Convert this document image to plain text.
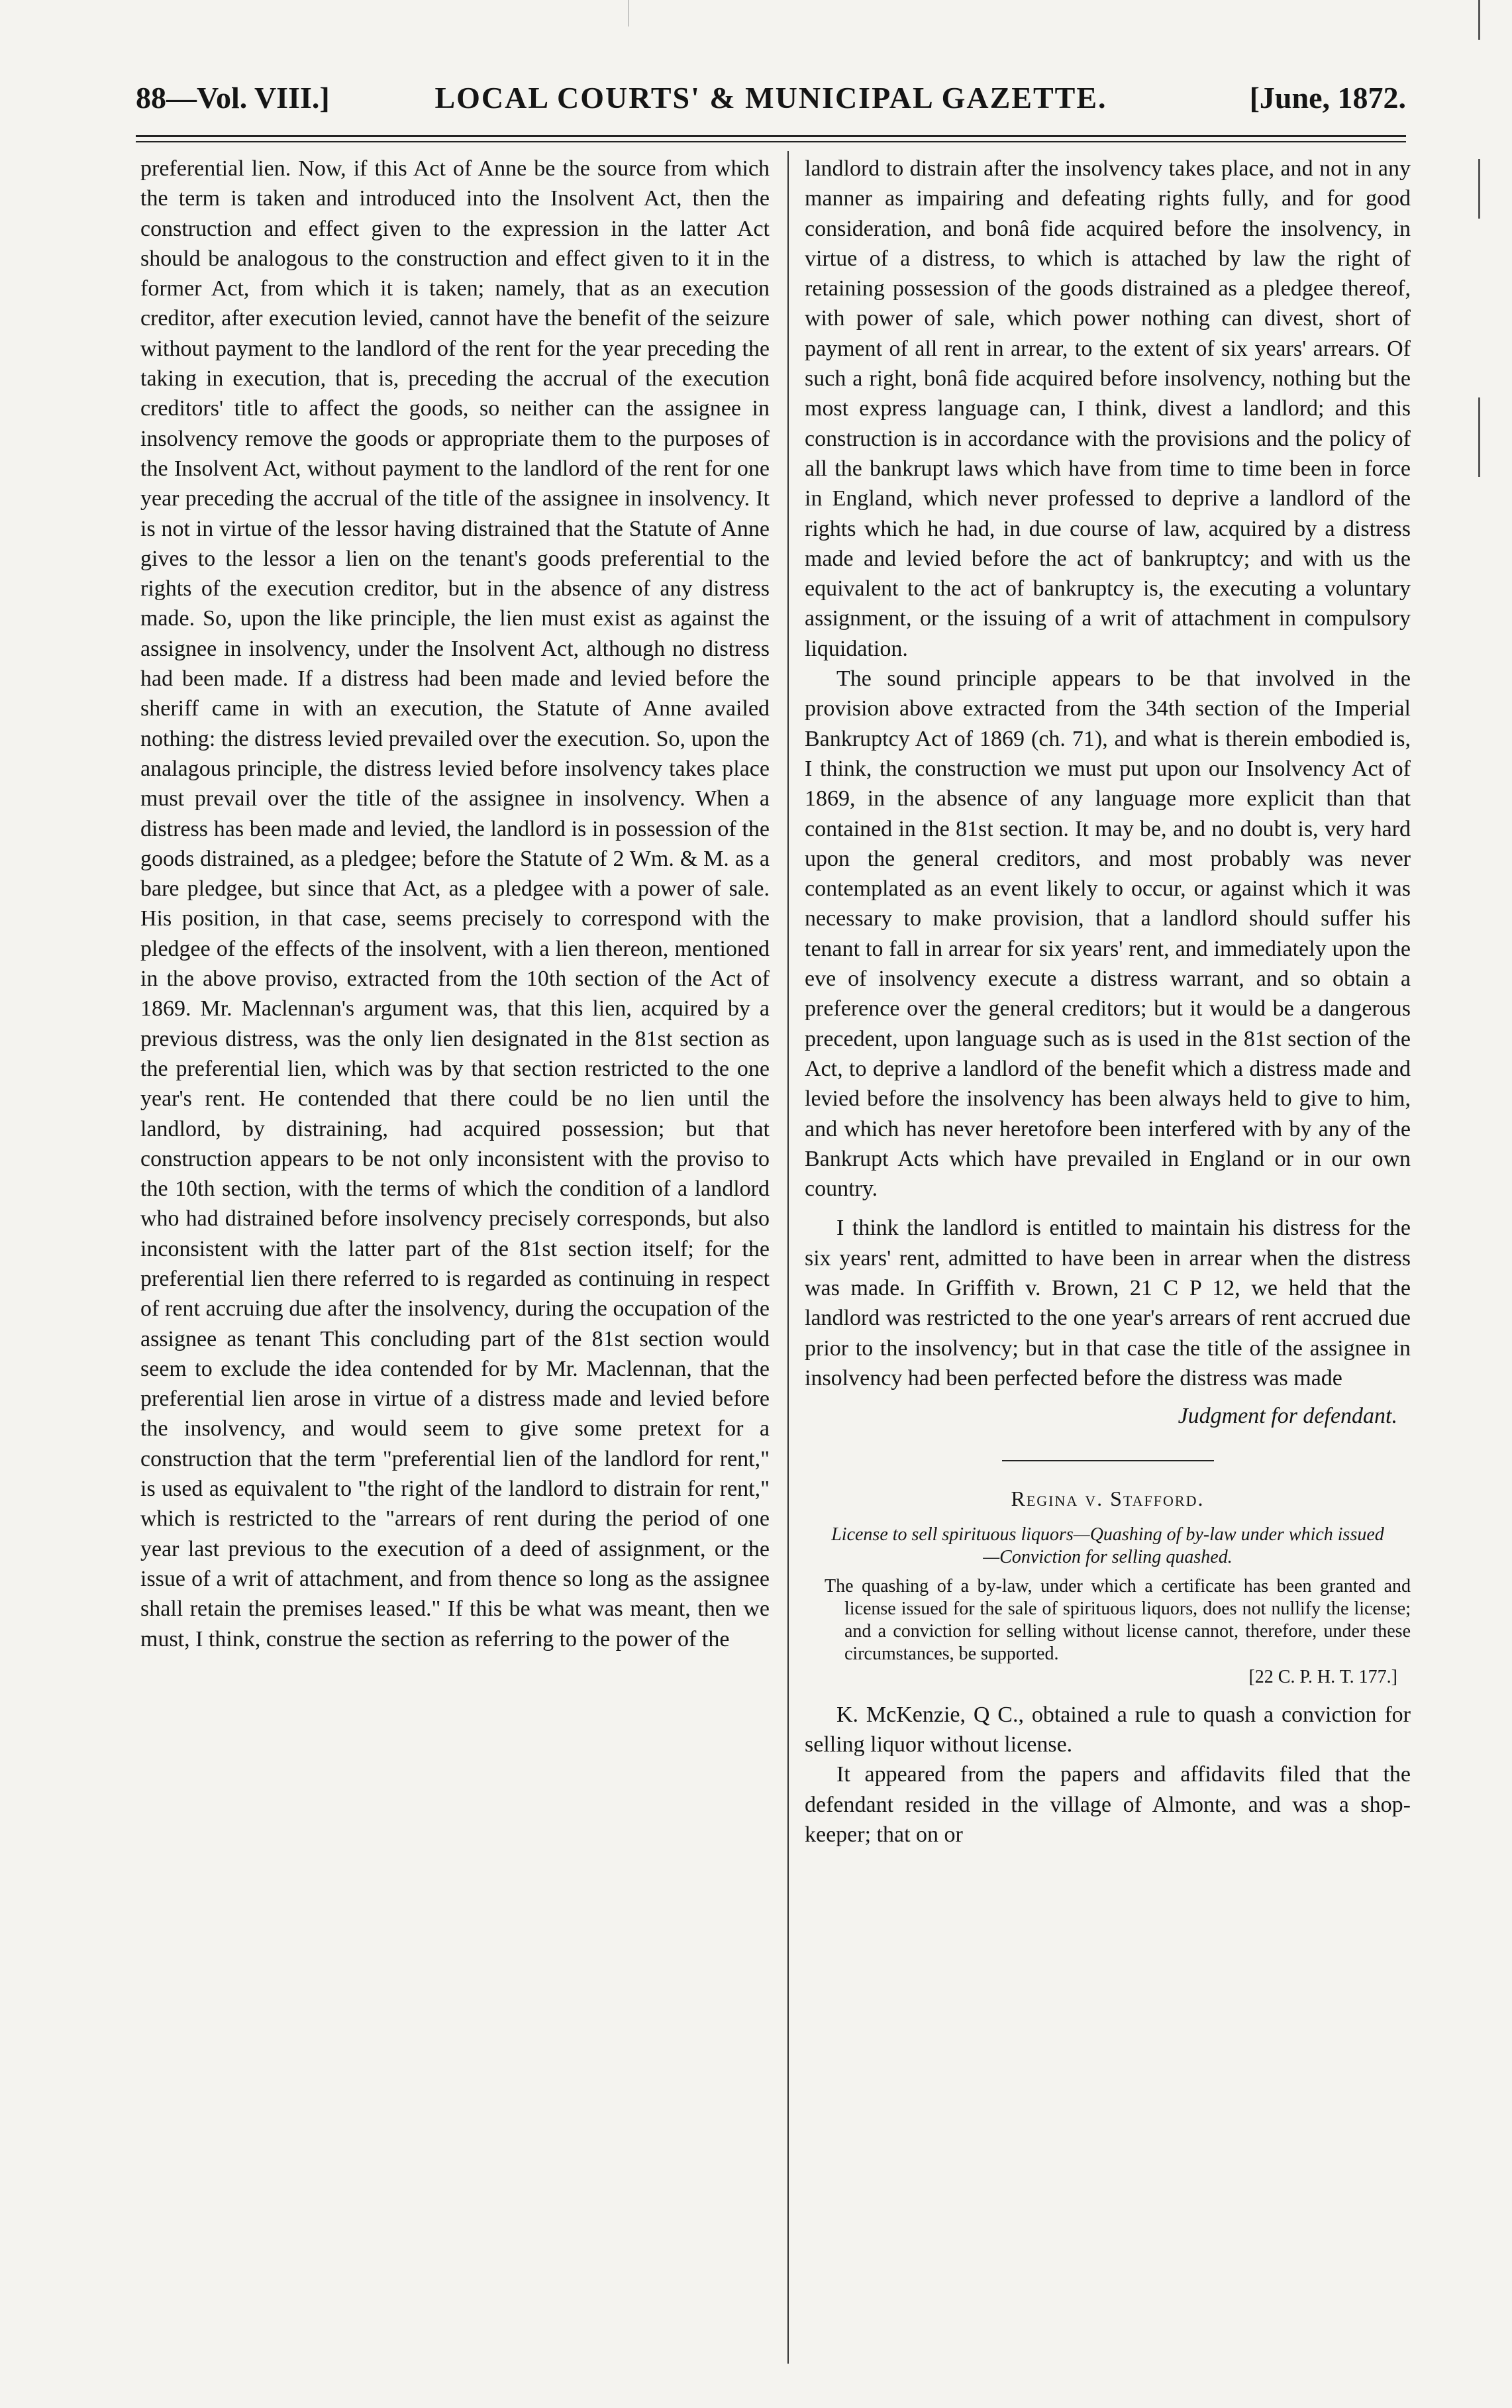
88—Vol. VIII.]	LOCAL COURTS' & MUNICIPAL GAZETTE.	[June, 1872.

preferential lien. Now, if this Act of Anne be the source from which the term is taken and introduced into the Insolvent Act, then the construction and effect given to the expression in the latter Act should be analogous to the construction and effect given to it in the former Act, from which it is taken; namely, that as an execution creditor, after execution levied, cannot have the benefit of the seizure without payment to the landlord of the rent for the year preceding the taking in execution, that is, preceding the accrual of the execution creditors' title to affect the goods, so neither can the assignee in insolvency remove the goods or appropriate them to the purposes of the Insolvent Act, without payment to the landlord of the rent for one year preceding the accrual of the title of the assignee in insolvency. It is not in virtue of the lessor having distrained that the Statute of Anne gives to the lessor a lien on the tenant's goods preferential to the rights of the execution creditor, but in the absence of any distress made. So, upon the like principle, the lien must exist as against the assignee in insolvency, under the Insolvent Act, although no distress had been made. If a distress had been made and levied before the sheriff came in with an execution, the Statute of Anne availed nothing: the distress levied prevailed over the execution. So, upon the analagous principle, the distress levied before insolvency takes place must prevail over the title of the assignee in insolvency. When a distress has been made and levied, the landlord is in possession of the goods distrained, as a pledgee; before the Statute of 2 Wm. & M. as a bare pledgee, but since that Act, as a pledgee with a power of sale. His position, in that case, seems precisely to correspond with the pledgee of the effects of the insolvent, with a lien thereon, mentioned in the above proviso, extracted from the 10th section of the Act of 1869. Mr. Maclennan's argument was, that this lien, acquired by a previous distress, was the only lien designated in the 81st section as the preferential lien, which was by that section restricted to the one year's rent. He contended that there could be no lien until the landlord, by distraining, had acquired possession; but that construction appears to be not only inconsistent with the proviso to the 10th section, with the terms of which the condition of a landlord who had distrained before insolvency precisely corresponds, but also inconsistent with the latter part of the 81st section itself; for the preferential lien there referred to is regarded as continuing in respect of rent accruing due after the insolvency, during the occupation of the assignee as tenant This concluding part of the 81st section would seem to exclude the idea contended for by Mr. Maclennan, that the preferential lien arose in virtue of a distress made and levied before the insolvency, and would seem to give some pretext for a construction that the term "preferential lien of the landlord for rent," is used as equivalent to "the right of the landlord to distrain for rent," which is restricted to the "arrears of rent during the period of one year last previous to the execution of a deed of assignment, or the issue of a writ of attachment, and from thence so long as the assignee shall retain the premises leased." If this be what was meant, then we must, I think, construe the section as referring to the power of the

landlord to distrain after the insolvency takes place, and not in any manner as impairing and defeating rights fully, and for good consideration, and bonâ fide acquired before the insolvency, in virtue of a distress, to which is attached by law the right of retaining possession of the goods distrained as a pledgee thereof, with power of sale, which power nothing can divest, short of payment of all rent in arrear, to the extent of six years' arrears. Of such a right, bonâ fide acquired before insolvency, nothing but the most express language can, I think, divest a landlord; and this construction is in accordance with the provisions and the policy of all the bankrupt laws which have from time to time been in force in England, which never professed to deprive a landlord of the rights which he had, in due course of law, acquired by a distress made and levied before the act of bankruptcy; and with us the equivalent to the act of bankruptcy is, the executing a voluntary assignment, or the issuing of a writ of attachment in compulsory liquidation.

The sound principle appears to be that involved in the provision above extracted from the 34th section of the Imperial Bankruptcy Act of 1869 (ch. 71), and what is therein embodied is, I think, the construction we must put upon our Insolvency Act of 1869, in the absence of any language more explicit than that contained in the 81st section. It may be, and no doubt is, very hard upon the general creditors, and most probably was never contemplated as an event likely to occur, or against which it was necessary to make provision, that a landlord should suffer his tenant to fall in arrear for six years' rent, and immediately upon the eve of insolvency execute a distress warrant, and so obtain a preference over the general creditors; but it would be a dangerous precedent, upon language such as is used in the 81st section of the Act, to deprive a landlord of the benefit which a distress made and levied before the insolvency has been always held to give to him, and which has never heretofore been interfered with by any of the Bankrupt Acts which have prevailed in England or in our own country.

I think the landlord is entitled to maintain his distress for the six years' rent, admitted to have been in arrear when the distress was made. In Griffith v. Brown, 21 C P 12, we held that the landlord was restricted to the one year's arrears of rent accrued due prior to the insolvency; but in that case the title of the assignee in insolvency had been perfected before the distress was made

Judgment for defendant.

Regina v. Stafford.

License to sell spirituous liquors—Quashing of by-law under which issued—Conviction for selling quashed.

The quashing of a by-law, under which a certificate has been granted and license issued for the sale of spirituous liquors, does not nullify the license; and a conviction for selling without license cannot, therefore, under these circumstances, be supported.

[22 C. P. H. T. 177.]

K. McKenzie, Q C., obtained a rule to quash a conviction for selling liquor without license.

It appeared from the papers and affidavits filed that the defendant resided in the village of Almonte, and was a shop-keeper; that on or
